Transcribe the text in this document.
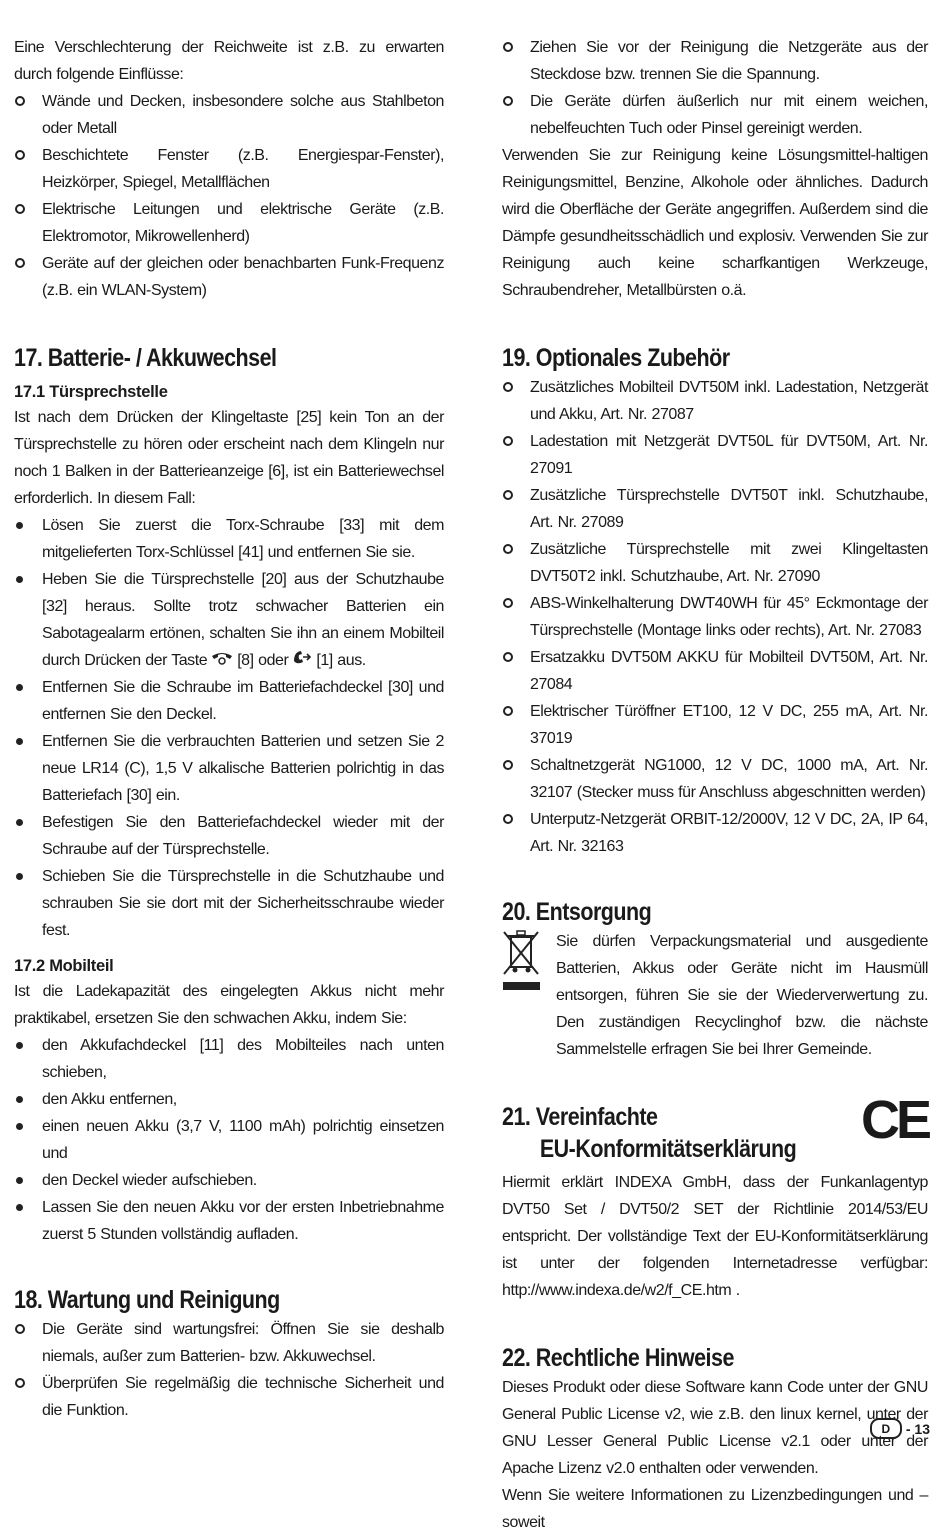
Eine Verschlechterung der Reichweite ist z.B. zu erwarten durch folgende Einflüsse:

Wände und Decken, insbesondere solche aus Stahlbeton oder Metall
Beschichtete Fenster (z.B. Energiespar-Fenster), Heizkörper, Spiegel, Metallflächen
Elektrische Leitungen und elektrische Geräte (z.B. Elektromotor, Mikrowellenherd)
Geräte auf der gleichen oder benachbarten Funk-Frequenz (z.B. ein WLAN-System)
17. Batterie- / Akkuwechsel
17.1 Türsprechstelle

Ist nach dem Drücken der Klingeltaste [25] kein Ton an der Türsprechstelle zu hören oder erscheint nach dem Klingeln nur noch 1 Balken in der Batterieanzeige [6], ist ein Batteriewechsel erforderlich. In diesem Fall:

Lösen Sie zuerst die Torx-Schraube [33] mit dem mitgelieferten Torx-Schlüssel [41] und entfernen Sie sie.
Heben Sie die Türsprechstelle [20] aus der Schutzhaube [32] heraus. Sollte trotz schwacher Batterien ein Sabotagealarm ertönen, schalten Sie ihn an einem Mobilteil durch Drücken der Taste [8] oder [1] aus.
Entfernen Sie die Schraube im Batteriefachdeckel [30] und entfernen Sie den Deckel.
Entfernen Sie die verbrauchten Batterien und setzen Sie 2 neue LR14 (C), 1,5 V alkalische Batterien polrichtig in das Batteriefach [30] ein.
Befestigen Sie den Batteriefachdeckel wieder mit der Schraube auf der Türsprechstelle.
Schieben Sie die Türsprechstelle in die Schutzhaube und schrauben Sie sie dort mit der Sicherheitsschraube wieder fest.
17.2 Mobilteil

Ist die Ladekapazität des eingelegten Akkus nicht mehr praktikabel, ersetzen Sie den schwachen Akku, indem Sie:

den Akkufachdeckel [11] des Mobilteiles nach unten schieben,
den Akku entfernen,
einen neuen Akku (3,7 V, 1100 mAh) polrichtig einsetzen und
den Deckel wieder aufschieben.
Lassen Sie den neuen Akku vor der ersten Inbetriebnahme zuerst 5 Stunden vollständig aufladen.
18. Wartung und Reinigung
Die Geräte sind wartungsfrei: Öffnen Sie sie deshalb niemals, außer zum Batterien- bzw. Akkuwechsel.
Überprüfen Sie regelmäßig die technische Sicherheit und die Funktion.
Ziehen Sie vor der Reinigung die Netzgeräte aus der Steckdose bzw. trennen Sie die Spannung.
Die Geräte dürfen äußerlich nur mit einem weichen, nebelfeuchten Tuch oder Pinsel gereinigt werden.

Verwenden Sie zur Reinigung keine Lösungsmittel-haltigen Reinigungsmittel, Benzine, Alkohole oder ähnliches. Dadurch wird die Oberfläche der Geräte angegriffen. Außerdem sind die Dämpfe gesundheitsschädlich und explosiv. Verwenden Sie zur Reinigung auch keine scharfkantigen Werkzeuge, Schraubendreher, Metallbürsten o.ä.

19. Optionales Zubehör
Zusätzliches Mobilteil DVT50M inkl. Ladestation, Netzgerät und Akku, Art. Nr. 27087
Ladestation mit Netzgerät DVT50L für DVT50M, Art. Nr. 27091
Zusätzliche Türsprechstelle DVT50T inkl. Schutzhaube, Art. Nr. 27089
Zusätzliche Türsprechstelle mit zwei Klingeltasten DVT50T2 inkl. Schutzhaube, Art. Nr. 27090
ABS-Winkelhalterung DWT40WH für 45° Eckmontage der Türsprechstelle (Montage links oder rechts), Art. Nr. 27083
Ersatzakku DVT50M AKKU für Mobilteil DVT50M, Art. Nr. 27084
Elektrischer Türöffner ET100, 12 V DC, 255 mA, Art. Nr. 37019
Schaltnetzgerät NG1000, 12 V DC, 1000 mA, Art. Nr. 32107 (Stecker muss für Anschluss abgeschnitten werden)
Unterputz-Netzgerät ORBIT-12/2000V, 12 V DC, 2A, IP 64, Art. Nr. 32163
20. Entsorgung

Sie dürfen Verpackungsmaterial und ausgediente Batterien, Akkus oder Geräte nicht im Hausmüll entsorgen, führen Sie sie der Wiederverwertung zu. Den zuständigen Recyclinghof bzw. die nächste Sammelstelle erfragen Sie bei Ihrer Gemeinde.

21. Vereinfachte
EU-Konformitätserklärung	CE

Hiermit erklärt INDEXA GmbH, dass der Funkanlagentyp DVT50 Set / DVT50/2 SET der Richtlinie 2014/53/EU entspricht. Der vollständige Text der EU-Konformitätserklärung ist unter der folgenden Internetadresse verfügbar: http://www.indexa.de/w2/f_CE.htm .

22. Rechtliche Hinweise

Dieses Produkt oder diese Software kann Code unter der GNU General Public License v2, wie z.B. den linux kernel, unter der GNU Lesser General Public License v2.1 oder unter der Apache Lizenz v2.0 enthalten oder verwenden.

Wenn Sie weitere Informationen zu Lizenzbedingungen und – soweit

D	- 13
